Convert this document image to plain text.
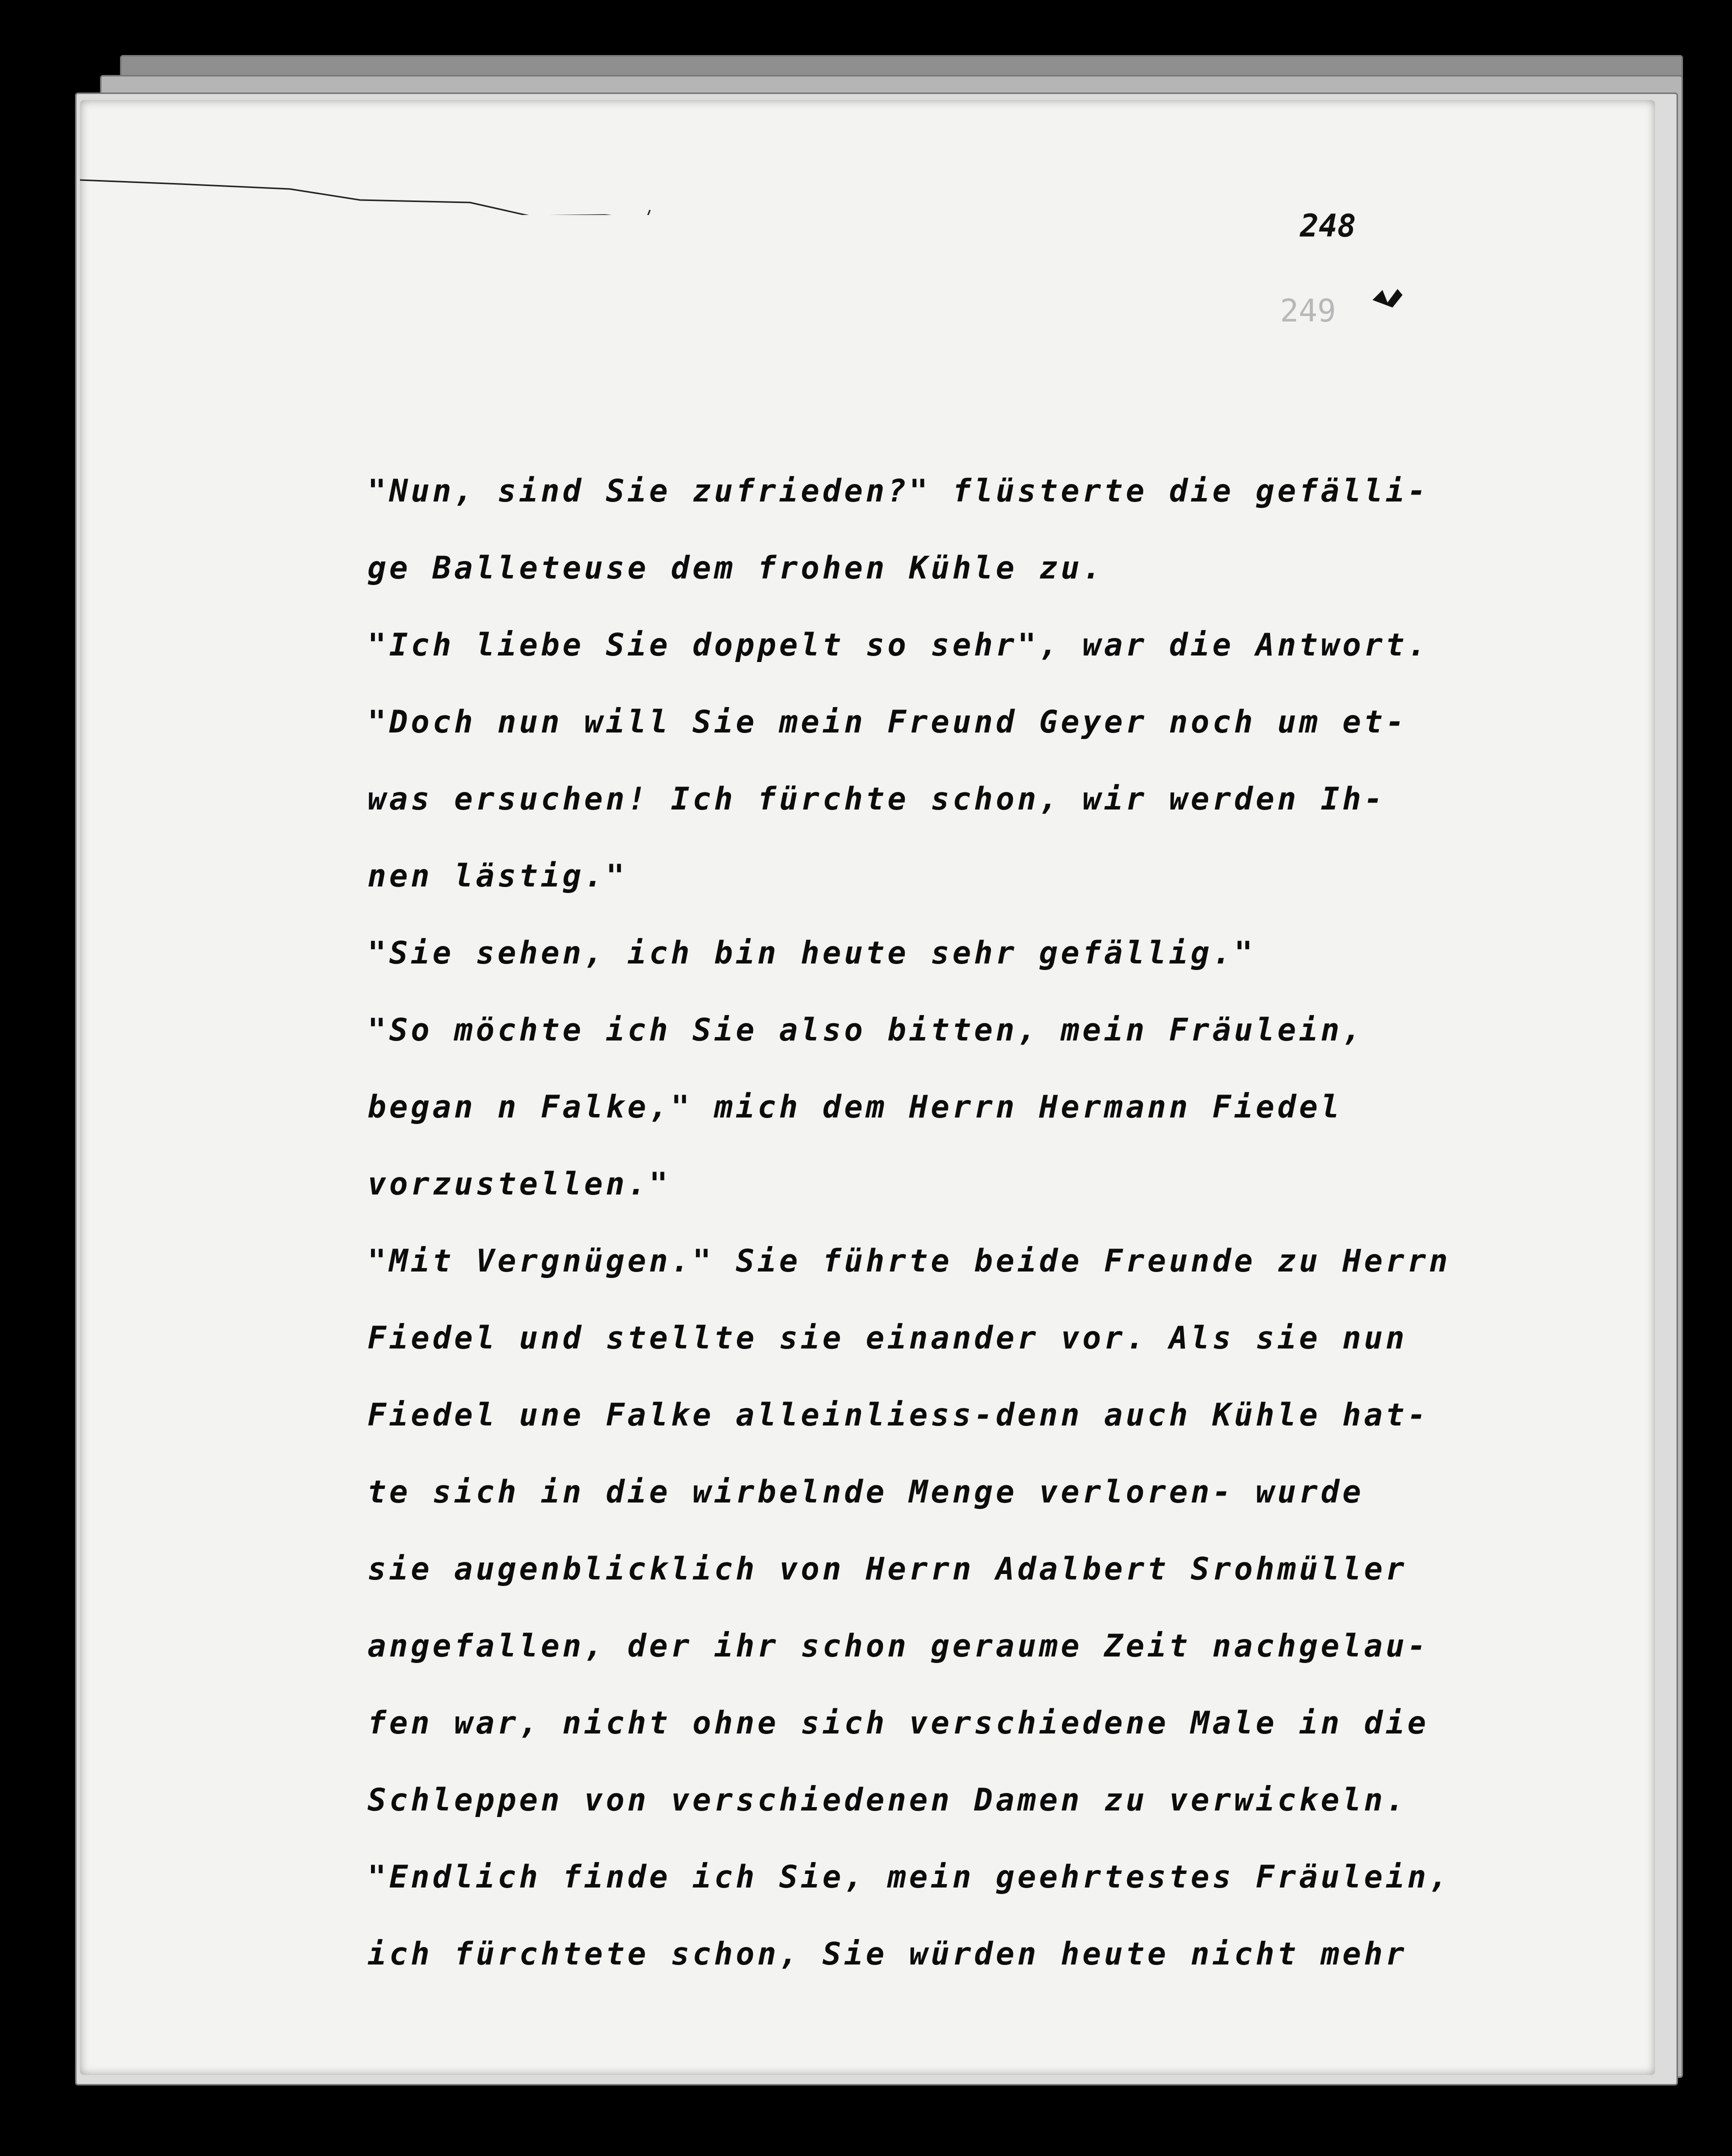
248
249
"Nun, sind Sie zufrieden?" flüsterte die gefälli-
ge Balleteuse dem frohen Kühle zu.
"Ich liebe Sie doppelt so sehr", war die Antwort.
"Doch nun will Sie mein Freund Geyer noch um et-
was ersuchen! Ich fürchte schon, wir werden Ih-
nen lästig."
"Sie sehen, ich bin heute sehr gefällig."
"So möchte ich Sie also bitten, mein Fräulein,
began n Falke," mich dem Herrn Hermann Fiedel
vorzustellen."
"Mit Vergnügen." Sie führte beide Freunde zu Herrn
Fiedel und stellte sie einander vor. Als sie nun
Fiedel une Falke alleinliess-denn auch Kühle hat-
te sich in die wirbelnde Menge verloren- wurde
sie augenblicklich von Herrn Adalbert Srohmüller
angefallen, der ihr schon geraume Zeit nachgelau-
fen war, nicht ohne sich verschiedene Male in die
Schleppen von verschiedenen Damen zu verwickeln.
"Endlich finde ich Sie, mein geehrtestes Fräulein,
ich fürchtete schon, Sie würden heute nicht mehr
